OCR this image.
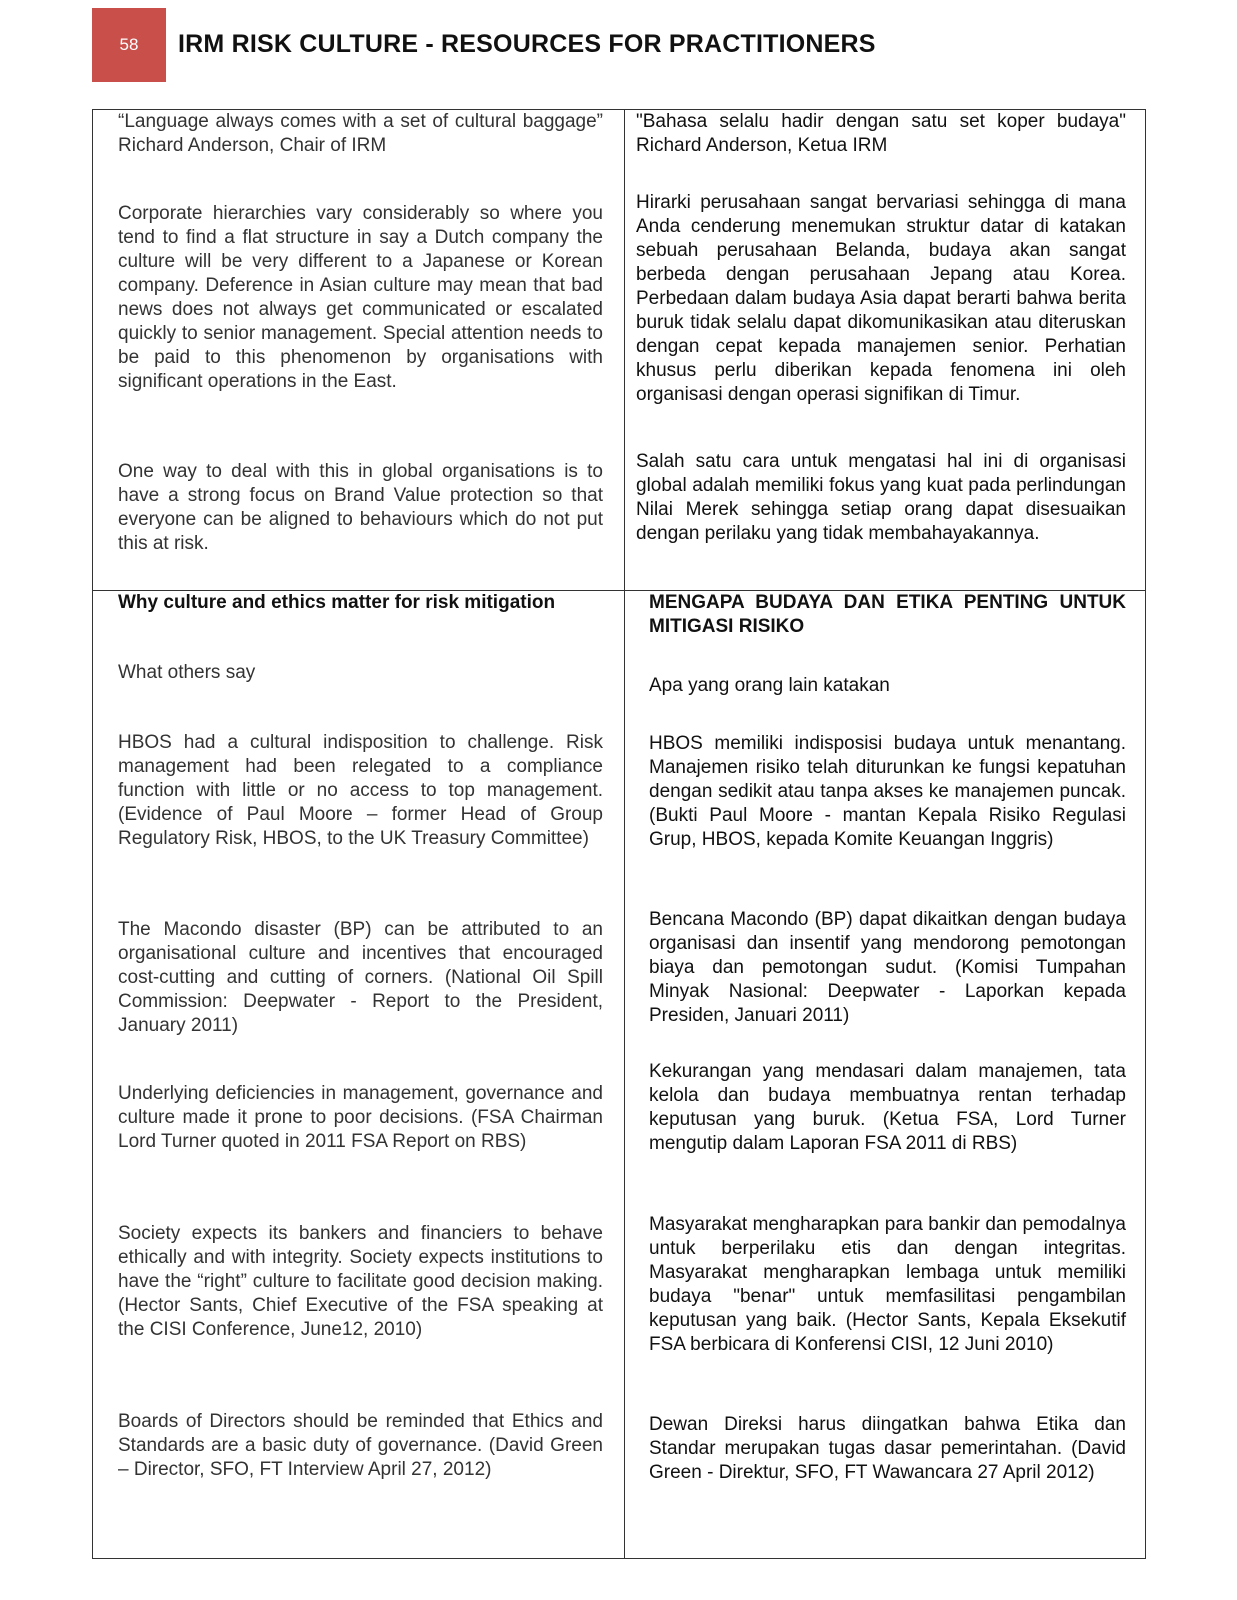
58 IRM RISK CULTURE - RESOURCES FOR PRACTITIONERS

“Language always comes with a set of cultural baggage” Richard Anderson, Chair of IRM

"Bahasa selalu hadir dengan satu set koper budaya" Richard Anderson, Ketua IRM

Corporate hierarchies vary considerably so where you tend to find a flat structure in say a Dutch company the culture will be very different to a Japanese or Korean company. Deference in Asian culture may mean that bad news does not always get communicated or escalated quickly to senior management. Special attention needs to be paid to this phenomenon by organisations with significant operations in the East.

Hirarki perusahaan sangat bervariasi sehingga di mana Anda cenderung menemukan struktur datar di katakan sebuah perusahaan Belanda, budaya akan sangat berbeda dengan perusahaan Jepang atau Korea. Perbedaan dalam budaya Asia dapat berarti bahwa berita buruk tidak selalu dapat dikomunikasikan atau diteruskan dengan cepat kepada manajemen senior. Perhatian khusus perlu diberikan kepada fenomena ini oleh organisasi dengan operasi signifikan di Timur.

One way to deal with this in global organisations is to have a strong focus on Brand Value protection so that everyone can be aligned to behaviours which do not put this at risk.

Salah satu cara untuk mengatasi hal ini di organisasi global adalah memiliki fokus yang kuat pada perlindungan Nilai Merek sehingga setiap orang dapat disesuaikan dengan perilaku yang tidak membahayakannya.

Why culture and ethics matter for risk mitigation	MENGAPA BUDAYA DAN ETIKA PENTING UNTUK MITIGASI RISIKO

What others say

Apa yang orang lain katakan

HBOS had a cultural indisposition to challenge. Risk management had been relegated to a compliance function with little or no access to top management. (Evidence of Paul Moore – former Head of Group Regulatory Risk, HBOS, to the UK Treasury Committee)

HBOS memiliki indisposisi budaya untuk menantang. Manajemen risiko telah diturunkan ke fungsi kepatuhan dengan sedikit atau tanpa akses ke manajemen puncak. (Bukti Paul Moore - mantan Kepala Risiko Regulasi Grup, HBOS, kepada Komite Keuangan Inggris)

The Macondo disaster (BP) can be attributed to an organisational culture and incentives that encouraged cost-cutting and cutting of corners. (National Oil Spill Commission: Deepwater - Report to the President, January 2011)

Bencana Macondo (BP) dapat dikaitkan dengan budaya organisasi dan insentif yang mendorong pemotongan biaya dan pemotongan sudut. (Komisi Tumpahan Minyak Nasional: Deepwater - Laporkan kepada Presiden, Januari 2011)

Underlying deficiencies in management, governance and culture made it prone to poor decisions. (FSA Chairman Lord Turner quoted in 2011 FSA Report on RBS)

Kekurangan yang mendasari dalam manajemen, tata kelola dan budaya membuatnya rentan terhadap keputusan yang buruk. (Ketua FSA, Lord Turner mengutip dalam Laporan FSA 2011 di RBS)

Society expects its bankers and financiers to behave ethically and with integrity. Society expects institutions to have the “right” culture to facilitate good decision making. (Hector Sants, Chief Executive of the FSA speaking at the CISI Conference, June12, 2010)

Masyarakat mengharapkan para bankir dan pemodalnya untuk berperilaku etis dan dengan integritas. Masyarakat mengharapkan lembaga untuk memiliki budaya "benar" untuk memfasilitasi pengambilan keputusan yang baik. (Hector Sants, Kepala Eksekutif FSA berbicara di Konferensi CISI, 12 Juni 2010)

Boards of Directors should be reminded that Ethics and Standards are a basic duty of governance. (David Green – Director, SFO, FT Interview April 27, 2012)

Dewan Direksi harus diingatkan bahwa Etika dan Standar merupakan tugas dasar pemerintahan. (David Green - Direktur, SFO, FT Wawancara 27 April 2012)
